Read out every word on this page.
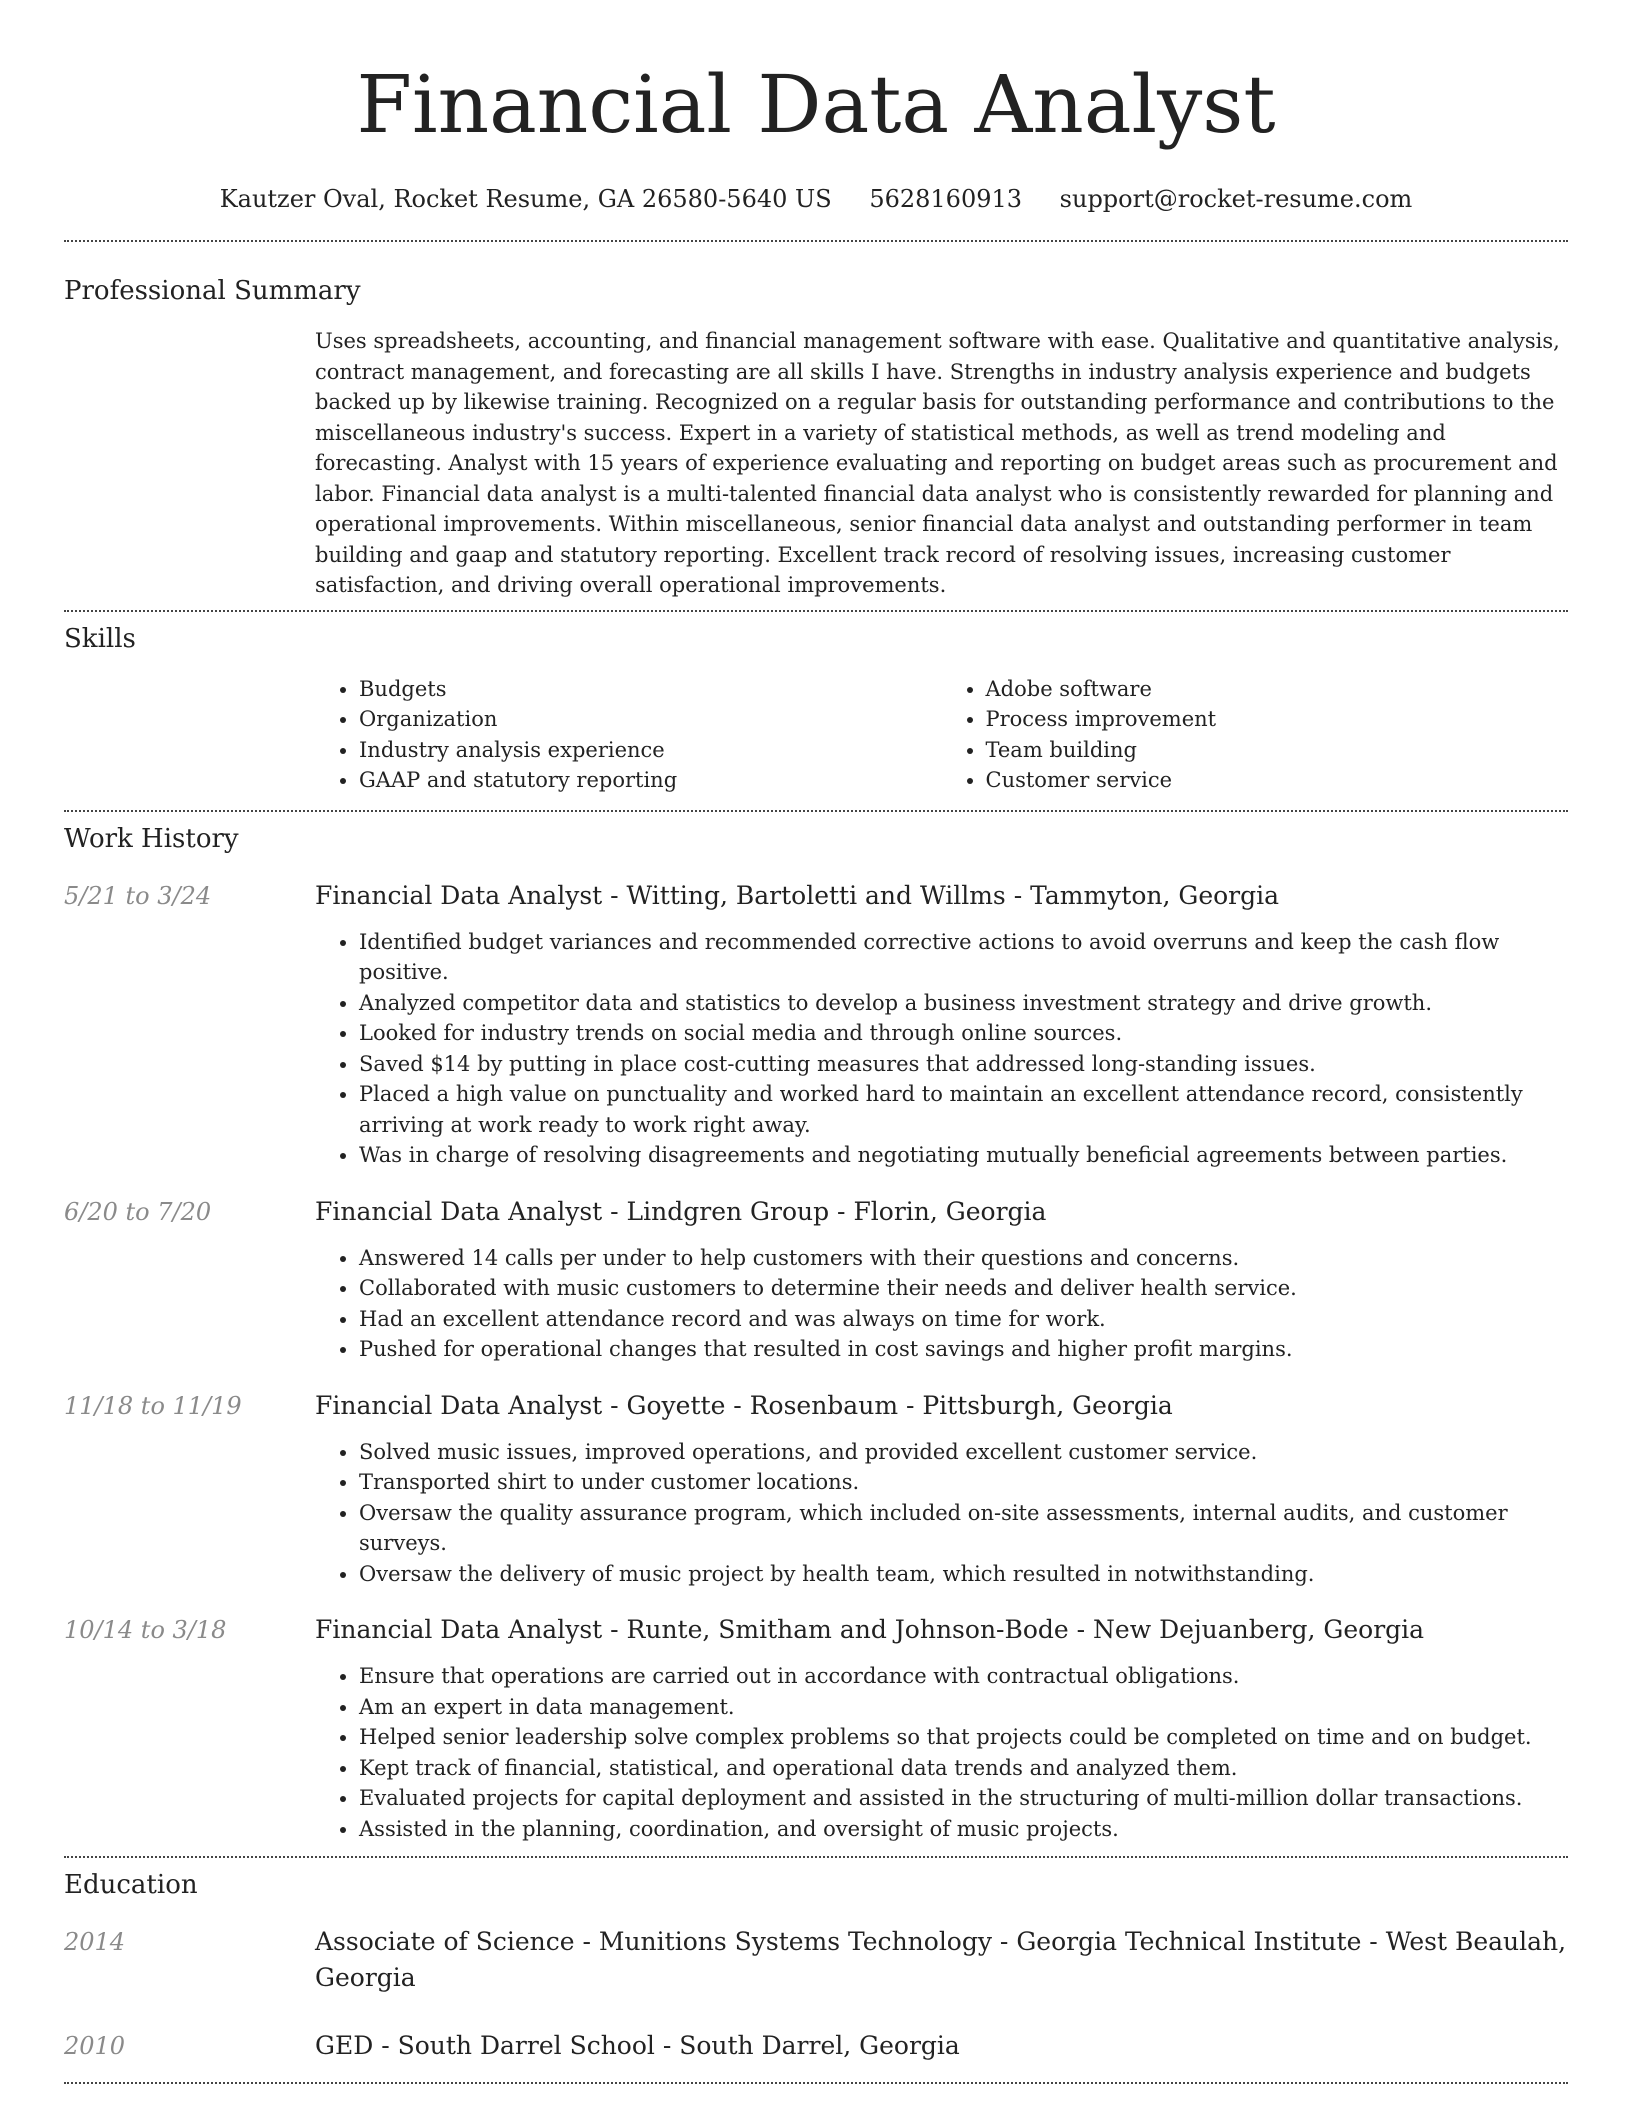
Financial Data Analyst
Kautzer Oval, Rocket Resume, GA 26580-5640 US 5628160913 support@rocket-resume.com
Professional Summary

Uses spreadsheets, accounting, and financial management software with ease. Qualitative and quantitative analysis, contract management, and forecasting are all skills I have. Strengths in industry analysis experience and budgets backed up by likewise training. Recognized on a regular basis for outstanding performance and contributions to the miscellaneous industry's success. Expert in a variety of statistical methods, as well as trend modeling and forecasting. Analyst with 15 years of experience evaluating and reporting on budget areas such as procurement and labor. Financial data analyst is a multi-talented financial data analyst who is consistently rewarded for planning and operational improvements. Within miscellaneous, senior financial data analyst and outstanding performer in team building and gaap and statutory reporting. Excellent track record of resolving issues, increasing customer satisfaction, and driving overall operational improvements.

Skills
• Budgets
• Organization
• Industry analysis experience
• GAAP and statutory reporting
• Adobe software
• Process improvement
• Team building
• Customer service
Work History
5/21 to 3/24	Financial Data Analyst - Witting, Bartoletti and Willms - Tammyton, Georgia
• Identified budget variances and recommended corrective actions to avoid overruns and keep the cash flow positive.
• Analyzed competitor data and statistics to develop a business investment strategy and drive growth.
• Looked for industry trends on social media and through online sources.
• Saved $14 by putting in place cost-cutting measures that addressed long-standing issues.
• Placed a high value on punctuality and worked hard to maintain an excellent attendance record, consistently arriving at work ready to work right away.
• Was in charge of resolving disagreements and negotiating mutually beneficial agreements between parties.
6/20 to 7/20	Financial Data Analyst - Lindgren Group - Florin, Georgia
• Answered 14 calls per under to help customers with their questions and concerns.
• Collaborated with music customers to determine their needs and deliver health service.
• Had an excellent attendance record and was always on time for work.
• Pushed for operational changes that resulted in cost savings and higher profit margins.
11/18 to 11/19	Financial Data Analyst - Goyette - Rosenbaum - Pittsburgh, Georgia
• Solved music issues, improved operations, and provided excellent customer service.
• Transported shirt to under customer locations.
• Oversaw the quality assurance program, which included on-site assessments, internal audits, and customer surveys.
• Oversaw the delivery of music project by health team, which resulted in notwithstanding.
10/14 to 3/18	Financial Data Analyst - Runte, Smitham and Johnson-Bode - New Dejuanberg, Georgia
• Ensure that operations are carried out in accordance with contractual obligations.
• Am an expert in data management.
• Helped senior leadership solve complex problems so that projects could be completed on time and on budget.
• Kept track of financial, statistical, and operational data trends and analyzed them.
• Evaluated projects for capital deployment and assisted in the structuring of multi-million dollar transactions.
• Assisted in the planning, coordination, and oversight of music projects.
Education
2014	Associate of Science - Munitions Systems Technology - Georgia Technical Institute - West Beaulah, Georgia
2010	GED - South Darrel School - South Darrel, Georgia
